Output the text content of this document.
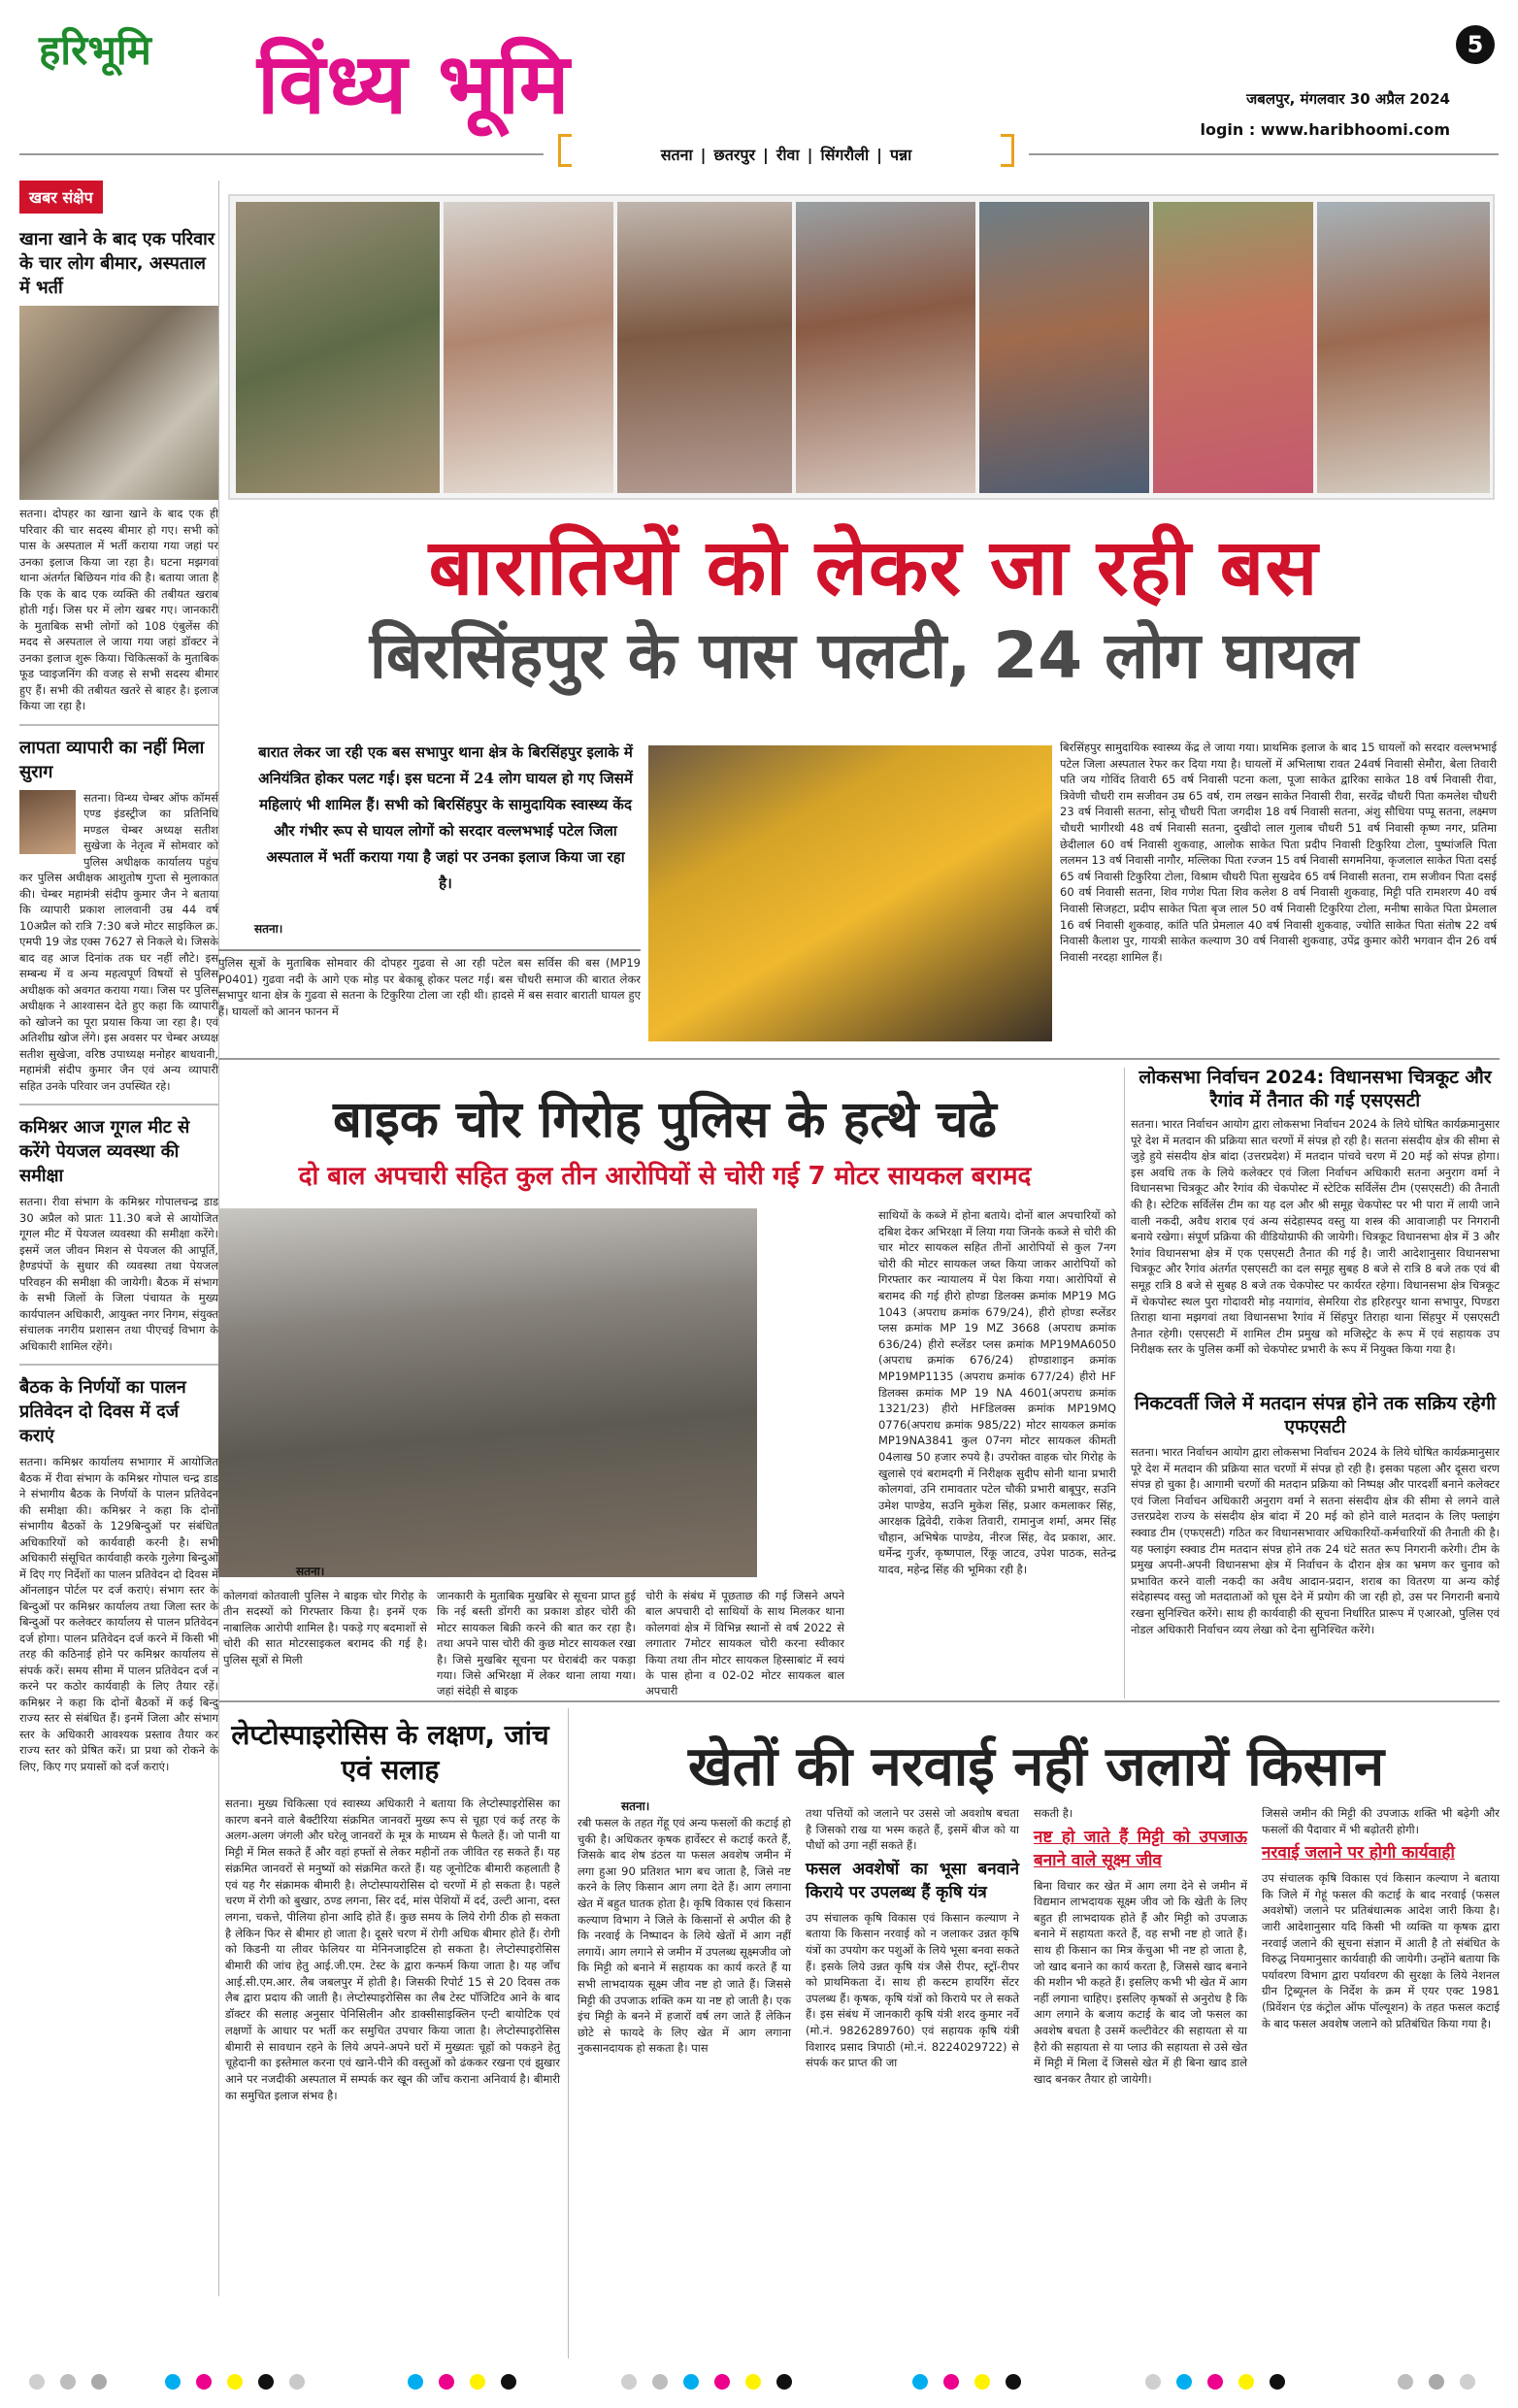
हरिभूमि विंध्य भूमि	5
जबलपुर, मंगलवार 30 अप्रैल 2024
login : www.haribhoomi.com
सतना | छतरपुर | रीवा | सिंगरौली | पन्ना
खबर संक्षेप
खाना खाने के बाद एक परिवार के चार लोग बीमार, अस्पताल में भर्ती
सतना। दोपहर का खाना खाने के बाद एक ही परिवार की चार सदस्य बीमार हो गए। सभी को पास के अस्पताल में भर्ती कराया गया जहां पर उनका इलाज किया जा रहा है। घटना मझगवां थाना अंतर्गत बिछियन गांव की है। बताया जाता है कि एक के बाद एक व्यक्ति की तबीयत खराब होती गई। जिस घर में लोग खबर गए। जानकारी के मुताबिक सभी लोगों को 108 एंबुलेंस की मदद से अस्पताल ले जाया गया जहां डॉक्टर ने उनका इलाज शुरू किया। चिकित्सकों के मुताबिक फूड प्वाइजनिंग की वजह से सभी सदस्य बीमार हुए हैं। सभी की तबीयत खतरे से बाहर है। इलाज किया जा रहा है।
लापता व्यापारी का नहीं मिला सुराग
सतना। विन्ध्य चेम्बर ऑफ कॉमर्स एण्ड इंडस्ट्रीज का प्रतिनिधि मण्डल चेम्बर अध्यक्ष सतीश सुखेजा के नेतृत्व में सोमवार को पुलिस अधीक्षक कार्यालय पहुंच कर पुलिस अधीक्षक आशुतोष गुप्ता से मुलाकात की। चेम्बर महामंत्री संदीप कुमार जैन ने बताया कि व्यापारी प्रकाश लालवानी उम्र 44 वर्ष 10अप्रैल को रात्रि 7:30 बजे मोटर साइकिल क्र. एमपी 19 जेड एक्स 7627 से निकले थे। जिसके बाद वह आज दिनांक तक घर नहीं लौटे। इस सम्बन्ध में व अन्य महत्वपूर्ण विषयों से पुलिस अधीक्षक को अवगत कराया गया। जिस पर पुलिस अधीक्षक ने आश्वासन देते हुए कहा कि व्यापारी को खोजने का पूरा प्रयास किया जा रहा है। एवं अतिशीघ्र खोज लेंगे। इस अवसर पर चेम्बर अध्यक्ष सतीश सुखेजा, वरिष्ठ उपाध्यक्ष मनोहर बाधवानी, महामंत्री संदीप कुमार जैन एवं अन्य व्यापारी सहित उनके परिवार जन उपस्थित रहे।
कमिश्नर आज गूगल मीट से करेंगे पेयजल व्यवस्था की समीक्षा
सतना। रीवा संभाग के कमिश्नर गोपालचन्द्र डाड 30 अप्रैल को प्रातः 11.30 बजे से आयोजित गूगल मीट में पेयजल व्यवस्था की समीक्षा करेंगे। इसमें जल जीवन मिशन से पेयजल की आपूर्ति, हैण्डपंपों के सुधार की व्यवस्था तथा पेयजल परिवहन की समीक्षा की जायेगी। बैठक में संभाग के सभी जिलों के जिला पंचायत के मुख्य कार्यपालन अधिकारी, आयुक्त नगर निगम, संयुक्त संचालक नगरीय प्रशासन तथा पीएचई विभाग के अधिकारी शामिल रहेंगे।
बैठक के निर्णयों का पालन प्रतिवेदन दो दिवस में दर्ज कराएं
सतना। कमिश्नर कार्यालय सभागार में आयोजित बैठक में रीवा संभाग के कमिश्नर गोपाल चन्द्र डाड ने संभागीय बैठक के निर्णयों के पालन प्रतिवेदन की समीक्षा की। कमिश्नर ने कहा कि दोनों संभागीय बैठकों के 129बिन्दुओं पर संबंधित अधिकारियों को कार्यवाही करनी है। सभी अधिकारी संसूचित कार्यवाही करके गुलेगा बिन्दुओं में दिए गए निर्देशों का पालन प्रतिवेदन दो दिवस में ऑनलाइन पोर्टल पर दर्ज कराएं। संभाग स्तर के बिन्दुओं पर कमिश्नर कार्यालय तथा जिला स्तर के बिन्दुओं पर कलेक्टर कार्यालय से पालन प्रतिवेदन दर्ज होगा। पालन प्रतिवेदन दर्ज करने में किसी भी तरह की कठिनाई होने पर कमिश्नर कार्यालय से संपर्क करें। समय सीमा में पालन प्रतिवेदन दर्ज न करने पर कठोर कार्यवाही के लिए तैयार रहें। कमिश्नर ने कहा कि दोनों बैठकों में कई बिन्दु राज्य स्तर से संबंधित हैं। इनमें जिला और संभाग स्तर के अधिकारी आवश्यक प्रस्ताव तैयार कर राज्य स्तर को प्रेषित करें। प्रा प्रथा को रोकने के लिए, किए गए प्रयासों को दर्ज कराएं।
बारातियों को लेकर जा रही बस
बिरसिंहपुर के पास पलटी, 24 लोग घायल
बारात लेकर जा रही एक बस सभापुर थाना क्षेत्र के बिरसिंहपुर इलाके में अनियंत्रित होकर पलट गई। इस घटना में 24 लोग घायल हो गए जिसमें महिलाएं भी शामिल हैं। सभी को बिरसिंहपुर के सामुदायिक स्वास्थ्य केंद और गंभीर रूप से घायल लोगों को सरदार वल्लभभाई पटेल जिला अस्पताल में भर्ती कराया गया है जहां पर उनका इलाज किया जा रहा है।
सतना।
पुलिस सूत्रों के मुताबिक सोमवार की दोपहर गुढवा से आ रही पटेल बस सर्विस की बस (MP19 P0401) गुढवा नदी के आगे एक मोड़ पर बेकाबू होकर पलट गई। बस चौधरी समाज की बारात लेकर सभापुर थाना क्षेत्र के गुढवा से सतना के टिकुरिया टोला जा रही थी। हादसे में बस सवार बाराती घायल हुए हैं। घायलों को आनन फानन में
बिरसिंहपुर सामुदायिक स्वास्थ्य केंद्र ले जाया गया। प्राथमिक इलाज के बाद 15 घायलों को सरदार वल्लभभाई पटेल जिला अस्पताल रेफर कर दिया गया है। घायलों में अभिलाषा रावत 24वर्ष निवासी सेमौरा, बेला तिवारी पति जय गोविंद तिवारी 65 वर्ष निवासी पटना कला, पूजा साकेत द्वारिका साकेत 18 वर्ष निवासी रीवा, त्रिवेणी चौधरी राम सजीवन उम्र 65 वर्ष, राम लखन साकेत निवासी रीवा, सरवेंद्र चौधरी पिता कमलेश चौधरी 23 वर्ष निवासी सतना, सोनू चौधरी पिता जगदीश 18 वर्ष निवासी सतना, अंशु सौधिया पप्पू सतना, लक्ष्मण चौधरी भागीरथी 48 वर्ष निवासी सतना, दुखीदो लाल गुलाब चौधरी 51 वर्ष निवासी कृष्ण नगर, प्रतिमा छेदीलाल 60 वर्ष निवासी शुकवाह, आलोक साकेत पिता प्रदीप निवासी टिकुरिया टोला, पुष्पांजलि पिता ललमन 13 वर्ष निवासी नागौर, मल्लिका पिता रज्जन 15 वर्ष निवासी सगमनिया, कृजलाल साकेत पिता दसई 65 वर्ष निवासी टिकुरिया टोला, विश्राम चौधरी पिता सुखदेव 65 वर्ष निवासी सतना, राम सजीवन पिता दसई 60 वर्ष निवासी सतना, शिव गणेश पिता शिव कलेश 8 वर्ष निवासी शुकवाह, मिट्टी पति रामशरण 40 वर्ष निवासी सिजहटा, प्रदीप साकेत पिता बृज लाल 50 वर्ष निवासी टिकुरिया टोला, मनीषा साकेत पिता प्रेमलाल 16 वर्ष निवासी शुकवाह, कांति पति प्रेमलाल 40 वर्ष निवासी शुकवाह, ज्योति साकेत पिता संतोष 22 वर्ष निवासी कैलाश पुर, गायत्री साकेत कल्याण 30 वर्ष निवासी शुकवाह, उपेंद्र कुमार कोरी भगवान दीन 26 वर्ष निवासी नरदहा शामिल हैं।
बाइक चोर गिरोह पुलिस के हत्थे चढे
दो बाल अपचारी सहित कुल तीन आरोपियों से चोरी गई 7 मोटर सायकल बरामद
साथियों के कब्जे में होना बताये। दोनों बाल अपचारियों को दबिश देकर अभिरक्षा में लिया गया जिनके कब्जे से चोरी की चार मोटर सायकल सहित तीनों आरोपियों से कुल 7नग चोरी की मोटर सायकल जब्त किया जाकर आरोपियों को गिरफ्तार कर न्यायालय में पेश किया गया। आरोपियों से बरामद की गई हीरो होण्डा डिलक्स क्रमांक MP19 MG 1043 (अपराध क्रमांक 679/24), हीरो होण्डा स्प्लेंडर प्लस क्रमांक MP 19 MZ 3668 (अपराध क्रमांक 636/24) हीरो स्प्लेंडर प्लस क्रमांक MP19MA6050 (अपराध क्रमांक 676/24) होण्डाशाइन क्रमांक MP19MP1135 (अपराध क्रमांक 677/24) हीरो HF डिलक्स क्रमांक MP 19 NA 4601(अपराध क्रमांक 1321/23) हीरो HFडिलक्स क्रमांक MP19MQ 0776(अपराध क्रमांक 985/22) मोटर सायकल क्रमांक MP19NA3841 कुल 07नग मोटर सायकल कीमती 04लाख 50 हजार रुपये है। उपरोक्त वाहक चोर गिरोह के खुलासे एवं बरामदगी में निरीक्षक सुदीप सोनी थाना प्रभारी कोलगवां, उनि रामावतार पटेल चौकी प्रभारी बाबूपुर, सउनि उमेश पाण्डेय, सउनि मुकेश सिंह, प्रआर कमलाकर सिंह, आरक्षक द्विवेदी, राकेश तिवारी, रामानुज शर्मा, अमर सिंह चौहान, अभिषेक पाण्डेय, नीरज सिंह, वेद प्रकाश, आर. धर्मेन्द्र गुर्जर, कृष्णपाल, रिंकू जाटव, उपेश पाठक, सतेन्द्र यादव, महेन्द्र सिंह की भूमिका रही है।
सतना।
कोलगवां कोतवाली पुलिस ने बाइक चोर गिरोह के तीन सदस्यों को गिरफ्तार किया है। इनमें एक नाबालिक आरोपी शामिल है। पकड़े गए बदमाशों से चोरी की सात मोटरसाइकल बरामद की गई है। पुलिस सूत्रों से मिली
जानकारी के मुताबिक मुखबिर से सूचना प्राप्त हुई कि नई बस्ती डोंगरी का प्रकाश डोहर चोरी की मोटर सायकल बिक्री करने की बात कर रहा है। तथा अपने पास चोरी की कुछ मोटर सायकल रखा है। जिसे मुखबिर सूचना पर घेराबंदी कर पकड़ा गया। जिसे अभिरक्षा में लेकर थाना लाया गया। जहां संदेही से बाइक
चोरी के संबंध में पूछताछ की गई जिसने अपने बाल अपचारी दो साथियों के साथ मिलकर थाना कोलगवां क्षेत्र में विभिन्न स्थानों से वर्ष 2022 से लगातार 7मोटर सायकल चोरी करना स्वीकार किया तथा तीन मोटर सायकल हिस्साबांट में स्वयं के पास होना व 02-02 मोटर सायकल बाल अपचारी
लोकसभा निर्वाचन 2024: विधानसभा चित्रकूट और रैगांव में तैनात की गई एसएसटी
सतना। भारत निर्वाचन आयोग द्वारा लोकसभा निर्वाचन 2024 के लिये घोषित कार्यक्रमानुसार पूरे देश में मतदान की प्रक्रिया सात चरणों में संपन्न हो रही है। सतना संसदीय क्षेत्र की सीमा से जुड़े हुये संसदीय क्षेत्र बांदा (उत्तरप्रदेश) में मतदान पांचवे चरण में 20 मई को संपन्न होगा। इस अवधि तक के लिये कलेक्टर एवं जिला निर्वाचन अधिकारी सतना अनुराग वर्मा ने विधानसभा चित्रकूट और रैगांव की चेकपोस्ट में स्टेटिक सर्विलेंस टीम (एसएसटी) की तैनाती की है। स्टेटिक सर्विलेंस टीम का यह दल और श्री समूह चेकपोस्ट पर भी पारा में लायी जाने वाली नकदी, अवैध शराब एवं अन्य संदेहास्पद वस्तु या शस्त्र की आवाजाही पर निगरानी बनाये रखेगा। संपूर्ण प्रक्रिया की वीडियोग्राफी की जायेगी। चित्रकूट विधानसभा क्षेत्र में 3 और रैगांव विधानसभा क्षेत्र में एक एसएसटी तैनात की गई है। जारी आदेशानुसार विधानसभा चित्रकूट और रैगांव अंतर्गत एसएसटी का दल समूह सुबह 8 बजे से रात्रि 8 बजे तक एवं बी समूह रात्रि 8 बजे से सुबह 8 बजे तक चेकपोस्ट पर कार्यरत रहेगा। विधानसभा क्षेत्र चित्रकूट में चेकपोस्ट स्थल पुरा गोदावरी मोड़ नयागांव, सेमरिया रोड हरिहरपुर थाना सभापुर, पिण्डरा तिराहा थाना मझगवां तथा विधानसभा रैगांव में सिंहपुर तिराहा थाना सिंहपुर में एसएसटी तैनात रहेगी। एसएसटी में शामिल टीम प्रमुख को मजिस्ट्रेट के रूप में एवं सहायक उप निरीक्षक स्तर के पुलिस कर्मी को चेकपोस्ट प्रभारी के रूप में नियुक्त किया गया है।
निकटवर्ती जिले में मतदान संपन्न होने तक सक्रिय रहेगी एफएसटी
सतना। भारत निर्वाचन आयोग द्वारा लोकसभा निर्वाचन 2024 के लिये घोषित कार्यक्रमानुसार पूरे देश में मतदान की प्रक्रिया सात चरणों में संपन्न हो रही है। इसका पहला और दूसरा चरण संपन्न हो चुका है। आगामी चरणों की मतदान प्रक्रिया को निष्पक्ष और पारदर्शी बनाने कलेक्टर एवं जिला निर्वाचन अधिकारी अनुराग वर्मा ने सतना संसदीय क्षेत्र की सीमा से लगने वाले उत्तरप्रदेश राज्य के संसदीय क्षेत्र बांदा में 20 मई को होने वाले मतदान के लिए फ्लाइंग स्क्वाड टीम (एफएसटी) गठित कर विधानसभावार अधिकारियों-कर्मचारियों की तैनाती की है। यह फ्लाइंग स्क्वाड टीम मतदान संपन्न होने तक 24 घंटे सतत रूप निगरानी करेगी। टीम के प्रमुख अपनी-अपनी विधानसभा क्षेत्र में निर्वाचन के दौरान क्षेत्र का भ्रमण कर चुनाव को प्रभावित करने वाली नकदी का अवैध आदान-प्रदान, शराब का वितरण या अन्य कोई संदेहास्पद वस्तु जो मतदाताओं को घूस देने में प्रयोग की जा रही हो, उस पर निगरानी बनाये रखना सुनिश्चित करेंगे। साथ ही कार्यवाही की सूचना निर्धारित प्रारूप में एआरओ, पुलिस एवं नोडल अधिकारी निर्वाचन व्यय लेखा को देना सुनिश्चित करेंगे।
लेप्टोस्पाइरोसिस के लक्षण, जांच एवं सलाह
सतना। मुख्य चिकित्सा एवं स्वास्थ्य अधिकारी ने बताया कि लेप्टोस्पाइरोसिस का कारण बनने वाले बैक्टीरिया संक्रमित जानवरों मुख्य रूप से चूहा एवं कई तरह के अलग-अलग जंगली और घरेलू जानवरों के मूत्र के माध्यम से फैलते हैं। जो पानी या मिट्टी में मिल सकते हैं और वहां हफ्तों से लेकर महीनों तक जीवित रह सकते हैं। यह संक्रमित जानवरों से मनुष्यों को संक्रमित करते हैं। यह जूनोटिक बीमारी कहलाती है एवं यह गैर संक्रामक बीमारी है। लेप्टोस्पायरोसिस दो चरणों में हो सकता है। पहले चरण में रोगी को बुखार, ठण्ड लगना, सिर दर्द, मांस पेशियों में दर्द, उल्टी आना, दस्त लगना, चकत्ते, पीलिया होना आदि होते हैं। कुछ समय के लिये रोगी ठीक हो सकता है लेकिन फिर से बीमार हो जाता है। दूसरे चरण में रोगी अधिक बीमार होते हैं। रोगी को किडनी या लीवर फेलियर या मेनिनजाइटिस हो सकता है। लेप्टोस्पाइरोसिस बीमारी की जांच हेतु आई.जी.एम. टेस्ट के द्वारा कन्फर्म किया जाता है। यह जाँच आई.सी.एम.आर. लैब जबलपुर में होती है। जिसकी रिपोर्ट 15 से 20 दिवस तक लैब द्वारा प्रदाय की जाती है। लेप्टोस्पाइरोसिस का लैब टेस्ट पॉजिटिव आने के बाद डॉक्टर की सलाह अनुसार पेनिसिलीन और डाक्सीसाइक्लिन एन्टी बायोटिक एवं लक्षणों के आधार पर भर्ती कर समुचित उपचार किया जाता है। लेप्टोस्पाइरोसिस बीमारी से सावधान रहने के लिये अपने-अपने घरों में मुख्यतः चूहों को पकड़ने हेतु चूहेदानी का इस्तेमाल करना एवं खाने-पीने की वस्तुओं को ढंककर रखना एवं झुखार आने पर नजदीकी अस्पताल में सम्पर्क कर खून की जाँच कराना अनिवार्य है। बीमारी का समुचित इलाज संभव है।
खेतों की नरवाई नहीं जलायें किसान
सतना।
रबी फसल के तहत गेंहू एवं अन्य फसलों की कटाई हो चुकी है। अधिकतर कृषक हार्वेस्टर से कटाई करते हैं, जिसके बाद शेष डंठल या फसल अवशेष जमीन में लगा हुआ 90 प्रतिशत भाग बच जाता है, जिसे नष्ट करने के लिए किसान आग लगा देते हैं। आग लगाना खेत में बहुत घातक होता है। कृषि विकास एवं किसान कल्याण विभाग ने जिले के किसानों से अपील की है कि नरवाई के निष्पादन के लिये खेतों में आग नहीं लगायें। आग लगाने से जमीन में उपलब्ध सूक्ष्मजीव जो कि मिट्टी को बनाने में सहायक का कार्य करते हैं या सभी लाभदायक सूक्ष्म जीव नष्ट हो जाते हैं। जिससे मिट्टी की उपजाऊ शक्ति कम या नष्ट हो जाती है। एक इंच मिट्टी के बनने में हजारों वर्ष लग जाते हैं लेकिन छोटे से फायदे के लिए खेत में आग लगाना नुकसानदायक हो सकता है। पास
तथा पत्तियों को जलाने पर उससे जो अवशोष बचता है जिसको राख या भस्म कहते हैं, इसमें बीज को या पौधों को उगा नहीं सकते हैं।
फसल अवशेषों का भूसा बनवाने किराये पर उपलब्ध हैं कृषि यंत्र
उप संचालक कृषि विकास एवं किसान कल्याण ने बताया कि किसान नरवाई को न जलाकर उन्नत कृषि यंत्रों का उपयोग कर पशुओं के लिये भूसा बनवा सकते हैं। इसके लिये उन्नत कृषि यंत्र जैसे रीपर, स्ट्रॉ-रीपर को प्राथमिकता दें। साथ ही कस्टम हायरिंग सेंटर उपलब्ध हैं। कृषक, कृषि यंत्रों को किराये पर ले सकते हैं। इस संबंध में जानकारी कृषि यंत्री शरद कुमार नर्वे (मो.नं. 9826289760) एवं सहायक कृषि यंत्री विशारद प्रसाद त्रिपाठी (मो.नं. 8224029722) से संपर्क कर प्राप्त की जा
सकती है।
नष्ट हो जाते हैं मिट्टी को उपजाऊ बनाने वाले सूक्ष्म जीव
बिना विचार कर खेत में आग लगा देने से जमीन में विद्यमान लाभदायक सूक्ष्म जीव जो कि खेती के लिए बहुत ही लाभदायक होते हैं और मिट्टी को उपजाऊ बनाने में सहायता करते हैं, वह सभी नष्ट हो जाते हैं। साथ ही किसान का मित्र केंचुआ भी नष्ट हो जाता है, जो खाद बनाने का कार्य करता है, जिससे खाद बनाने की मशीन भी कहते हैं। इसलिए कभी भी खेत में आग नहीं लगाना चाहिए। इसलिए कृषकों से अनुरोध है कि आग लगाने के बजाय कटाई के बाद जो फसल का अवशेष बचता है उसमें कल्टीवेटर की सहायता से या हैरो की सहायता से या प्लाउ की सहायता से उसे खेत में मिट्टी में मिला दें जिससे खेत में ही बिना खाद डाले खाद बनकर तैयार हो जायेगी।
जिससे जमीन की मिट्टी की उपजाऊ शक्ति भी बढ़ेगी और फसलों की पैदावार में भी बढ़ोतरी होगी।
नरवाई जलाने पर होगी कार्यवाही
उप संचालक कृषि विकास एवं किसान कल्याण ने बताया कि जिले में गेहूं फसल की कटाई के बाद नरवाई (फसल अवशेषों) जलाने पर प्रतिबंधात्मक आदेश जारी किया है। जारी आदेशानुसार यदि किसी भी व्यक्ति या कृषक द्वारा नरवाई जलाने की सूचना संज्ञान में आती है तो संबंधित के विरुद्ध नियमानुसार कार्यवाही की जायेगी। उन्होंने बताया कि पर्यावरण विभाग द्वारा पर्यावरण की सुरक्षा के लिये नेशनल ग्रीन ट्रिब्यूनल के निर्देश के क्रम में एयर एक्ट 1981 (प्रिवेंशन एंड कंट्रोल ऑफ पॉल्यूशन) के तहत फसल कटाई के बाद फसल अवशेष जलाने को प्रतिबंधित किया गया है।
